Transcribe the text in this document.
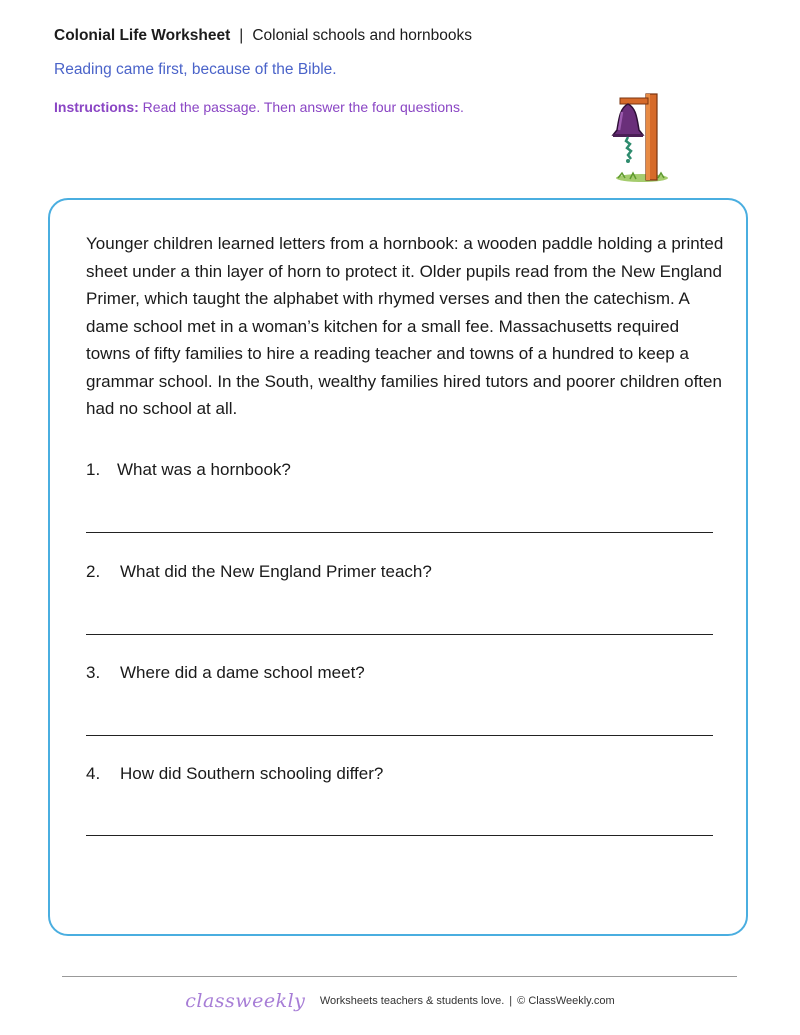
Colonial Life Worksheet | Colonial schools and hornbooks
Reading came first, because of the Bible.
Instructions: Read the passage. Then answer the four questions.

Younger children learned letters from a hornbook: a wooden paddle holding a printed sheet under a thin layer of horn to protect it. Older pupils read from the New England Primer, which taught the alphabet with rhymed verses and then the catechism. A dame school met in a woman’s kitchen for a small fee. Massachusetts required towns of fifty families to hire a reading teacher and towns of a hundred to keep a grammar school. In the South, wealthy families hired tutors and poorer children often had no school at all.

1. What was a hornbook?
2. What did the New England Primer teach?
3. Where did a dame school meet?
4. How did Southern schooling differ?
classweekly Worksheets teachers & students love. | © ClassWeekly.com
